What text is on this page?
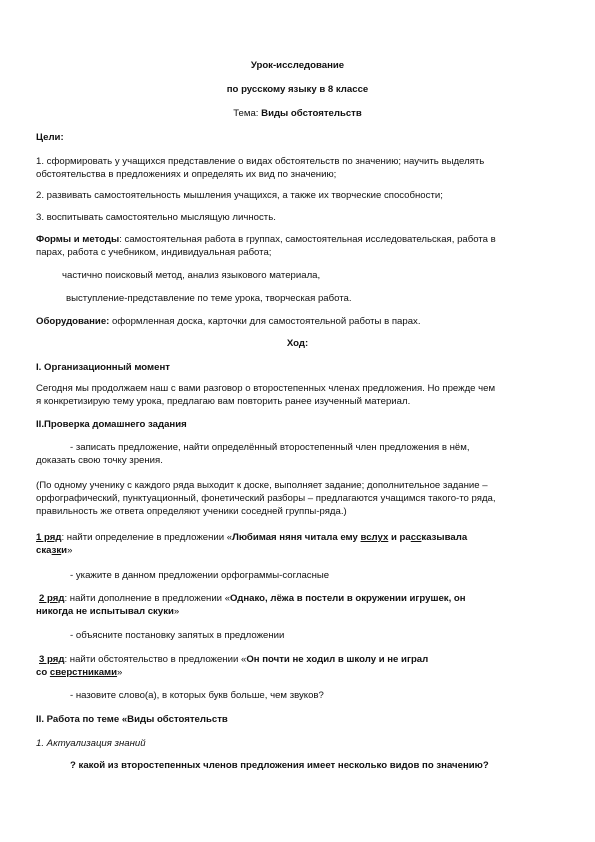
Урок-исследование
по русскому языку в 8 классе
Тема: Виды обстоятельств
Цели:
1. сформировать у учащихся представление о видах обстоятельств по значению; научить выделять
обстоятельства в предложениях и определять их вид по значению;
2. развивать самостоятельность мышления учащихся, а также их творческие способности;
3. воспитывать самостоятельно мыслящую личность.
Формы и методы: самостоятельная работа в группах, самостоятельная исследовательская, работа в
парах, работа с учебником, индивидуальная работа;
частично поисковый метод, анализ языкового материала,
выступление-представление по теме урока, творческая работа.
Оборудование: оформленная доска, карточки для самостоятельной работы в парах.
Ход:
I. Организационный момент
Сегодня мы продолжаем наш с вами разговор о второстепенных членах предложения. Но прежде чем
я конкретизирую тему урока, предлагаю вам повторить ранее изученный материал.
II.Проверка домашнего задания
- записать предложение, найти определённый второстепенный член предложения в нём,
доказать свою точку зрения.
(По одному ученику с каждого ряда выходит к доске, выполняет задание; дополнительное задание –
орфографический, пунктуационный, фонетический разборы – предлагаются учащимся такого-то ряда,
правильность же ответа определяют ученики соседней группы-ряда.)
1 ряд: найти определение в предложении «Любимая няня читала ему вслух и рассказывала
сказки»
- укажите в данном предложении орфограммы-согласные
2 ряд: найти дополнение в предложении «Однако, лёжа в постели в окружении игрушек, он
никогда не испытывал скуки»
- объясните постановку запятых в предложении
3 ряд: найти обстоятельство в предложении «Он почти не ходил в школу и не играл
со сверстниками»
- назовите слово(а), в которых букв больше, чем звуков?
II. Работа по теме «Виды обстоятельств
1. Актуализация знаний
? какой из второстепенных членов предложения имеет несколько видов по значению?
